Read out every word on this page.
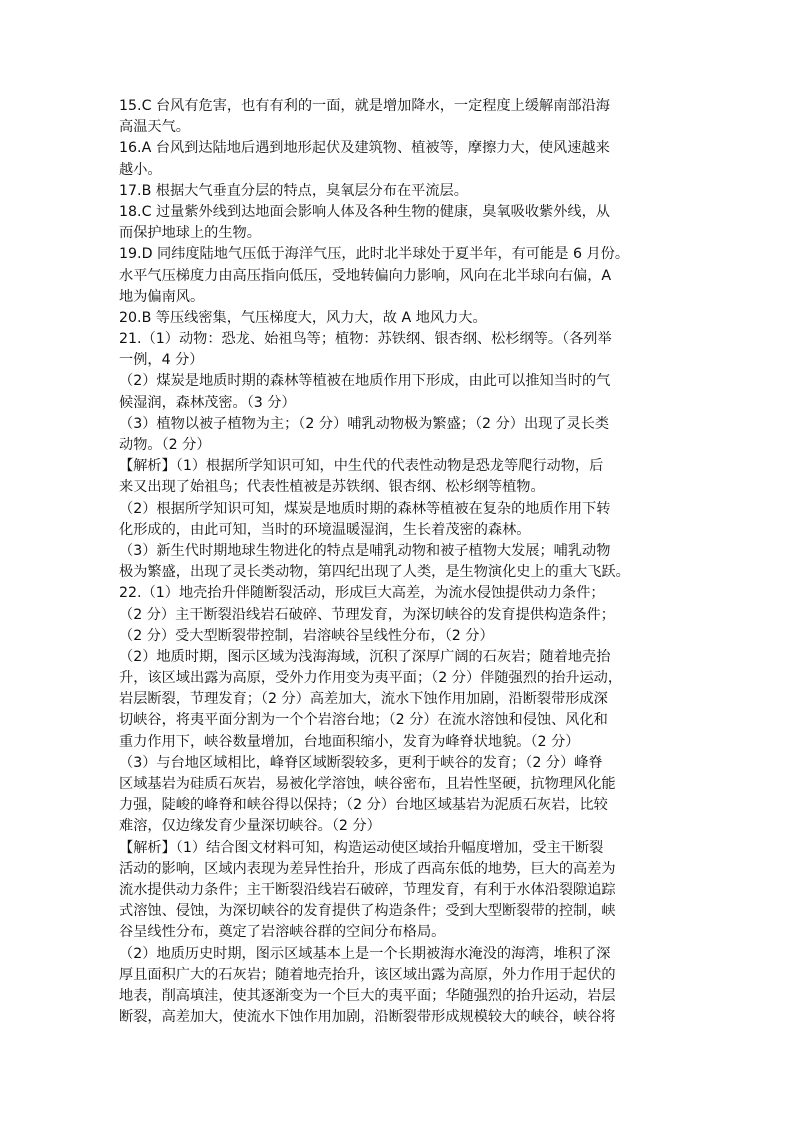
15.C 台风有危害，也有有利的一面，就是增加降水，一定程度上缓解南部沿海
高温天气。
16.A 台风到达陆地后遇到地形起伏及建筑物、植被等，摩擦力大，使风速越来
越小。
17.B 根据大气垂直分层的特点，臭氧层分布在平流层。
18.C 过量紫外线到达地面会影响人体及各种生物的健康，臭氧吸收紫外线，从
而保护地球上的生物。
19.D 同纬度陆地气压低于海洋气压，此时北半球处于夏半年，有可能是 6 月份。
水平气压梯度力由高压指向低压，受地转偏向力影响，风向在北半球向右偏，A
地为偏南风。
20.B 等压线密集，气压梯度大，风力大，故 A 地风力大。
21.（1）动物：恐龙、始祖鸟等；植物：苏铁纲、银杏纲、松杉纲等。（各列举
一例，4 分）
（2）煤炭是地质时期的森林等植被在地质作用下形成，由此可以推知当时的气
候湿润，森林茂密。（3 分）
（3）植物以被子植物为主；（2 分）哺乳动物极为繁盛；（2 分）出现了灵长类
动物。（2 分）
【解析】（1）根据所学知识可知，中生代的代表性动物是恐龙等爬行动物，后
来又出现了始祖鸟；代表性植被是苏铁纲、银杏纲、松杉纲等植物。
（2）根据所学知识可知，煤炭是地质时期的森林等植被在复杂的地质作用下转
化形成的，由此可知，当时的环境温暖湿润，生长着茂密的森林。
（3）新生代时期地球生物进化的特点是哺乳动物和被子植物大发展；哺乳动物
极为繁盛，出现了灵长类动物，第四纪出现了人类，是生物演化史上的重大飞跃。
22.（1）地壳抬升伴随断裂活动，形成巨大高差，为流水侵蚀提供动力条件；
（2 分）主干断裂沿线岩石破碎、节理发育，为深切峡谷的发育提供构造条件；
（2 分）受大型断裂带控制，岩溶峡谷呈线性分布，（2 分）
（2）地质时期，图示区域为浅海海域，沉积了深厚广阔的石灰岩；随着地壳抬
升，该区域出露为高原，受外力作用变为夷平面；（2 分）伴随强烈的抬升运动，
岩层断裂，节理发育；（2 分）高差加大，流水下蚀作用加剧，沿断裂带形成深
切峡谷，将夷平面分割为一个个岩溶台地；（2 分）在流水溶蚀和侵蚀、风化和
重力作用下，峡谷数量增加，台地面积缩小，发育为峰脊状地貌。（2 分）
（3）与台地区域相比，峰脊区域断裂较多，更利于峡谷的发育；（2 分）峰脊
区域基岩为硅质石灰岩，易被化学溶蚀，峡谷密布，且岩性坚硬，抗物理风化能
力强，陡峻的峰脊和峡谷得以保持；（2 分）台地区域基岩为泥质石灰岩，比较
难溶，仅边缘发育少量深切峡谷。（2 分）
【解析】（1）结合图文材料可知，构造运动使区域抬升幅度增加，受主干断裂
活动的影响，区域内表现为差异性抬升，形成了西高东低的地势，巨大的高差为
流水提供动力条件；主干断裂沿线岩石破碎，节理发育，有利于水体沿裂隙追踪
式溶蚀、侵蚀，为深切峡谷的发育提供了构造条件；受到大型断裂带的控制，峡
谷呈线性分布，奠定了岩溶峡谷群的空间分布格局。
（2）地质历史时期，图示区域基本上是一个长期被海水淹没的海湾，堆积了深
厚且面积广大的石灰岩；随着地壳抬升，该区域出露为高原，外力作用于起伏的
地表，削高填洼，使其逐渐变为一个巨大的夷平面；华随强烈的抬升运动，岩层
断裂，高差加大，使流水下蚀作用加剧，沿断裂带形成规模较大的峡谷，峡谷将
